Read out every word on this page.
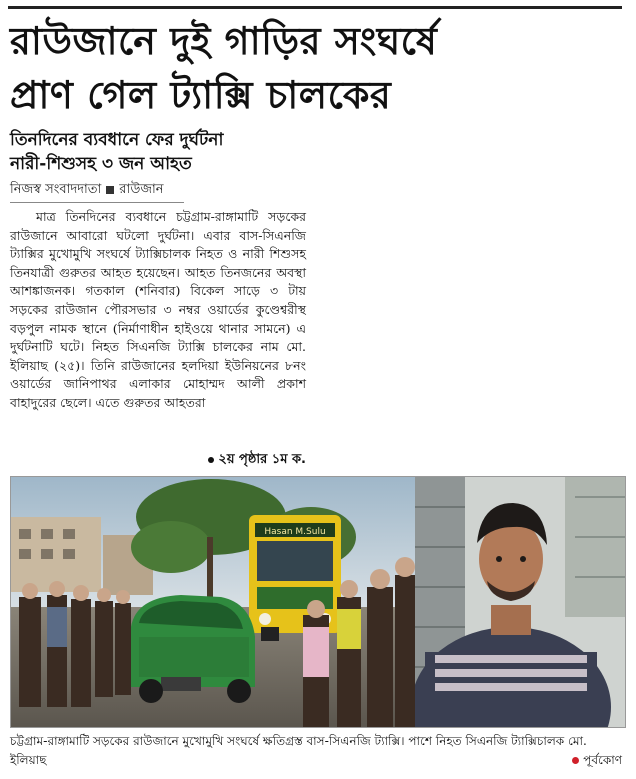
রাউজানে দুই গাড়ির সংঘর্ষে
প্রাণ গেল ট্যাক্সি চালকের
তিনদিনের ব্যবধানে ফের দুর্ঘটনা
নারী-শিশুসহ ৩ জন আহত
নিজস্ব সংবাদদাতা রাউজান
মাত্র তিনদিনের ব্যবধানে চট্টগ্রাম-রাঙ্গামাটি সড়কের রাউজানে আবারো ঘটলো দুর্ঘটনা। এবার বাস-সিএনজি ট্যাক্সির মুখোমুখি সংঘর্ষে ট্যাক্সিচালক নিহত ও নারী শিশুসহ তিনযাত্রী গুরুতর আহত হয়েছেন। আহত তিনজনের অবস্থা আশঙ্কাজনক। গতকাল (শনিবার) বিকেল সাড়ে ৩ টায় সড়কের রাউজান পৌরসভার ৩ নম্বর ওয়ার্ডের কুণ্ডেশ্বরীস্থ বড়পুল নামক স্থানে (নির্মাণাধীন হাইওয়ে থানার সামনে) এ দুর্ঘটনাটি ঘটে। নিহত সিএনজি ট্যাক্সি চালকের নাম মো. ইলিয়াছ (২৫)। তিনি রাউজানের হলদিয়া ইউনিয়নের ৮নং ওয়ার্ডের জানিপাথর এলাকার মোহাম্মদ আলী প্রকাশ বাহাদুরের ছেলে। এতে গুরুতর আহতরা
২য় পৃষ্ঠার ১ম ক.
Hasan M.Sulu
চট্টগ্রাম-রাঙ্গামাটি সড়কের রাউজানে মুখোমুখি সংঘর্ষে ক্ষতিগ্রস্ত বাস-সিএনজি ট্যাক্সি। পাশে নিহত সিএনজি ট্যাক্সিচালক মো. ইলিয়াছ	পূর্বকোণ
